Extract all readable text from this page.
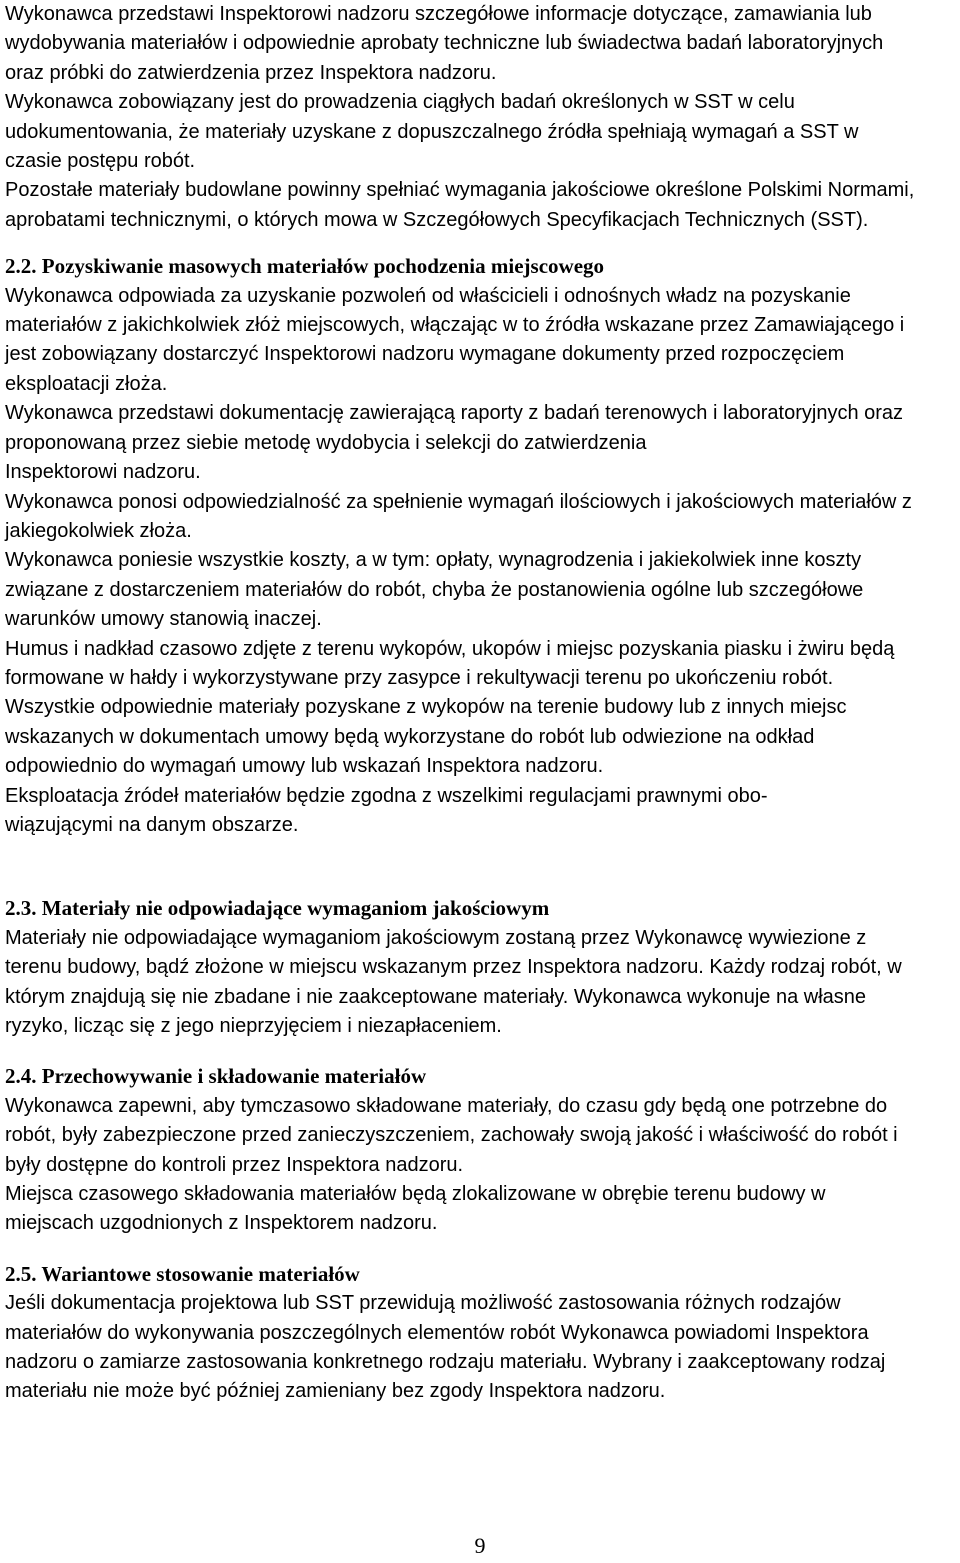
Wykonawca przedstawi Inspektorowi nadzoru szczegółowe informacje dotyczące, zamawiania lub
wydobywania materiałów i odpowiednie aprobaty techniczne lub świadectwa badań laboratoryjnych
oraz próbki do zatwierdzenia przez Inspektora nadzoru.

Wykonawca zobowiązany jest do prowadzenia ciągłych badań określonych w SST w celu
udokumentowania, że materiały uzyskane z dopuszczalnego źródła spełniają wymagań a SST w
czasie postępu robót.

Pozostałe materiały budowlane powinny spełniać wymagania jakościowe określone Polskimi Normami,
aprobatami technicznymi, o których mowa w Szczegółowych Specyfikacjach Technicznych (SST).

2.2. Pozyskiwanie masowych materiałów pochodzenia miejscowego

Wykonawca odpowiada za uzyskanie pozwoleń od właścicieli i odnośnych władz na pozyskanie
materiałów z jakichkolwiek złóż miejscowych, włączając w to źródła wskazane przez Zamawiającego i
jest zobowiązany dostarczyć Inspektorowi nadzoru wymagane dokumenty przed rozpoczęciem
eksploatacji złoża.

Wykonawca przedstawi dokumentację zawierającą raporty z badań terenowych i laboratoryjnych oraz
proponowaną przez siebie metodę wydobycia i selekcji do zatwierdzenia
Inspektorowi nadzoru.

Wykonawca ponosi odpowiedzialność za spełnienie wymagań ilościowych i jakościowych materiałów z
jakiegokolwiek złoża.

Wykonawca poniesie wszystkie koszty, a w tym: opłaty, wynagrodzenia i jakiekolwiek inne koszty
związane z dostarczeniem materiałów do robót, chyba że postanowienia ogólne lub szczegółowe
warunków umowy stanowią inaczej.

Humus i nadkład czasowo zdjęte z terenu wykopów, ukopów i miejsc pozyskania piasku i żwiru będą
formowane w hałdy i wykorzystywane przy zasypce i rekultywacji terenu po ukończeniu robót.

Wszystkie odpowiednie materiały pozyskane z wykopów na terenie budowy lub z innych miejsc
wskazanych w dokumentach umowy będą wykorzystane do robót lub odwiezione na odkład
odpowiednio do wymagań umowy lub wskazań Inspektora nadzoru.

Eksploatacja źródeł materiałów będzie zgodna z wszelkimi regulacjami prawnymi obo-
wiązującymi na danym obszarze.

2.3. Materiały nie odpowiadające wymaganiom jakościowym

Materiały nie odpowiadające wymaganiom jakościowym zostaną przez Wykonawcę wywiezione z
terenu budowy, bądź złożone w miejscu wskazanym przez Inspektora nadzoru. Każdy rodzaj robót, w
którym znajdują się nie zbadane i nie zaakceptowane materiały. Wykonawca wykonuje na własne
ryzyko, licząc się z jego nieprzyjęciem i niezapłaceniem.

2.4. Przechowywanie i składowanie materiałów

Wykonawca zapewni, aby tymczasowo składowane materiały, do czasu gdy będą one potrzebne do
robót, były zabezpieczone przed zanieczyszczeniem, zachowały swoją jakość i właściwość do robót i
były dostępne do kontroli przez Inspektora nadzoru.

Miejsca czasowego składowania materiałów będą zlokalizowane w obrębie terenu budowy w
miejscach uzgodnionych z Inspektorem nadzoru.

2.5. Wariantowe stosowanie materiałów

Jeśli dokumentacja projektowa lub SST przewidują możliwość zastosowania różnych rodzajów
materiałów do wykonywania poszczególnych elementów robót Wykonawca powiadomi Inspektora
nadzoru o zamiarze zastosowania konkretnego rodzaju materiału. Wybrany i zaakceptowany rodzaj
materiału nie może być później zamieniany bez zgody Inspektora nadzoru.

9
